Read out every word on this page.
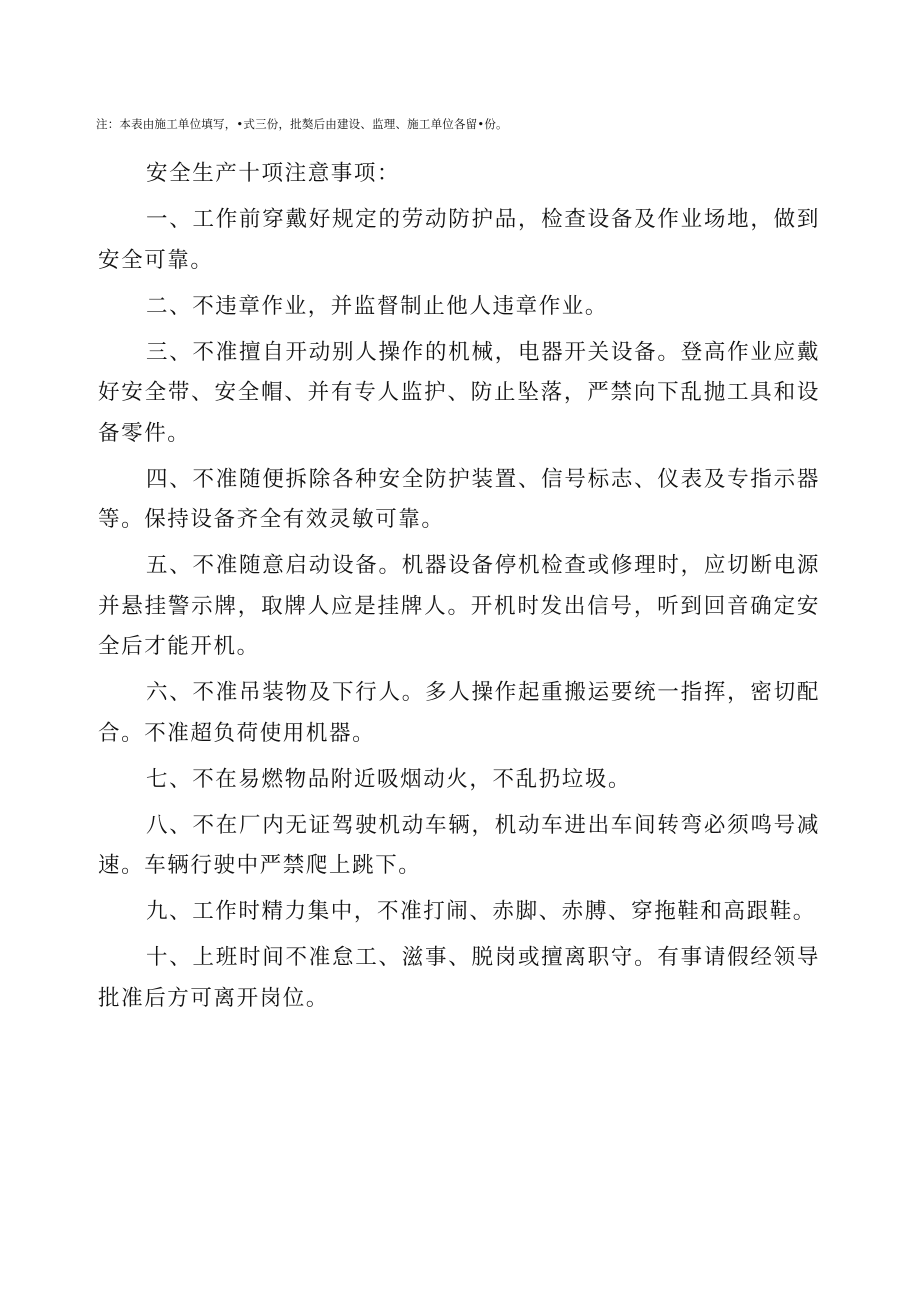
注：本表由施工单位填写，•式三份，批獒后由建设、监理、施工单位各留•份。

安全生产十项注意事项：

一、工作前穿戴好规定的劳动防护品，检查设备及作业场地，做到安全可靠。

二、不违章作业，并监督制止他人违章作业。

三、不准擅自开动别人操作的机械，电器开关设备。登高作业应戴好安全带、安全帽、并有专人监护、防止坠落，严禁向下乱抛工具和设备零件。

四、不准随便拆除各种安全防护装置、信号标志、仪表及专指示器等。保持设备齐全有效灵敏可靠。

五、不准随意启动设备。机器设备停机检查或修理时，应切断电源并悬挂警示牌，取牌人应是挂牌人。开机时发出信号，听到回音确定安全后才能开机。

六、不准吊装物及下行人。多人操作起重搬运要统一指挥，密切配合。不准超负荷使用机器。

七、不在易燃物品附近吸烟动火，不乱扔垃圾。

八、不在厂内无证驾驶机动车辆，机动车进出车间转弯必须鸣号减速。车辆行驶中严禁爬上跳下。

九、工作时精力集中，不准打闹、赤脚、赤膊、穿拖鞋和高跟鞋。

十、上班时间不准怠工、滋事、脱岗或擅离职守。有事请假经领导批准后方可离开岗位。
